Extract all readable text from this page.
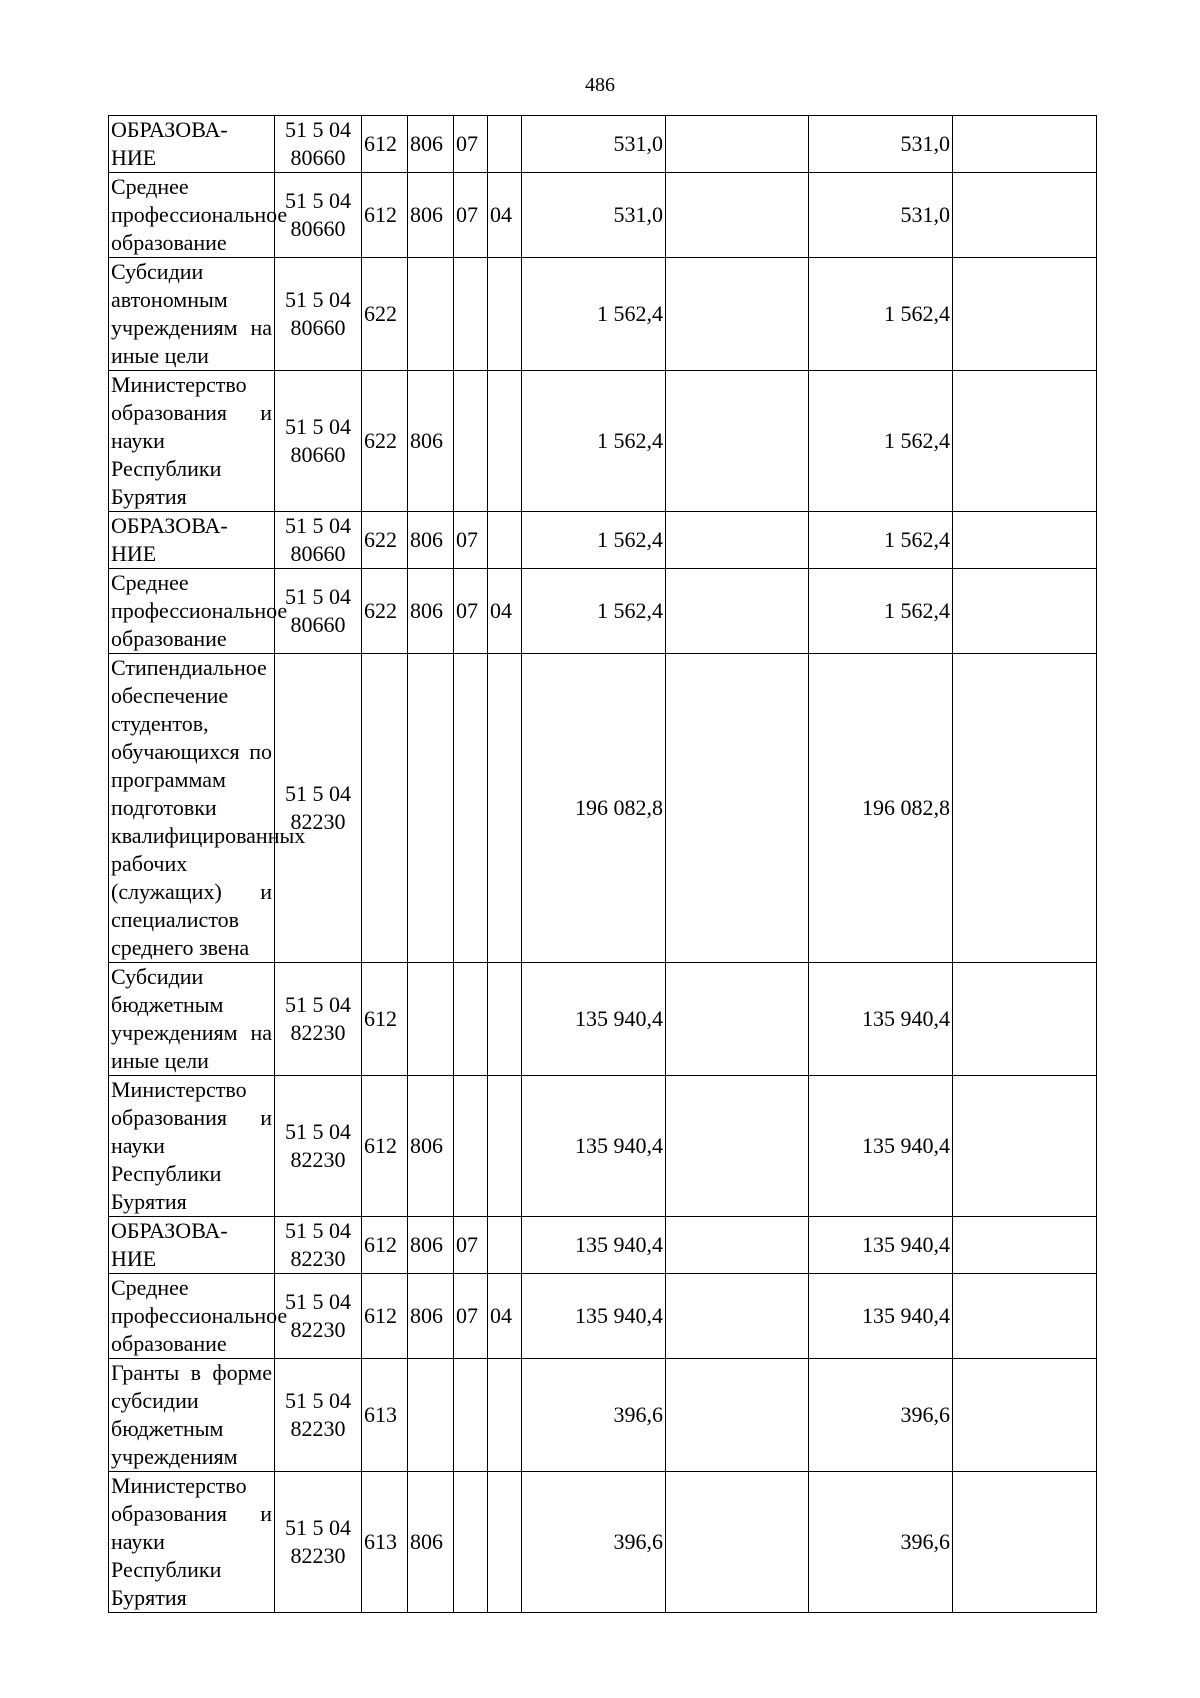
486
ОБРАЗОВА-НИЕ	51 5 04 80660	612	806	07		531,0		531,0	
Среднее профессиональное образование	51 5 04 80660	612	806	07	04	531,0		531,0	
Субсидии автономным учреждениям на иные цели	51 5 04 80660	622				1 562,4		1 562,4	
Министерство образования и науки Республики Бурятия	51 5 04 80660	622	806			1 562,4		1 562,4	
ОБРАЗОВА-НИЕ	51 5 04 80660	622	806	07		1 562,4		1 562,4	
Среднее профессиональное образование	51 5 04 80660	622	806	07	04	1 562,4		1 562,4	
Стипендиальное обеспечение студентов, обучающихся по программам подготовки квалифицированных рабочих (служащих) и специалистов среднего звена	51 5 04 82230					196 082,8		196 082,8	
Субсидии бюджетным учреждениям на иные цели	51 5 04 82230	612				135 940,4		135 940,4	
Министерство образования и науки Республики Бурятия	51 5 04 82230	612	806			135 940,4		135 940,4	
ОБРАЗОВА-НИЕ	51 5 04 82230	612	806	07		135 940,4		135 940,4	
Среднее профессиональное образование	51 5 04 82230	612	806	07	04	135 940,4		135 940,4	
Гранты в форме субсидии бюджетным учреждениям	51 5 04 82230	613				396,6		396,6	
Министерство образования и науки Республики Бурятия	51 5 04 82230	613	806			396,6		396,6	
